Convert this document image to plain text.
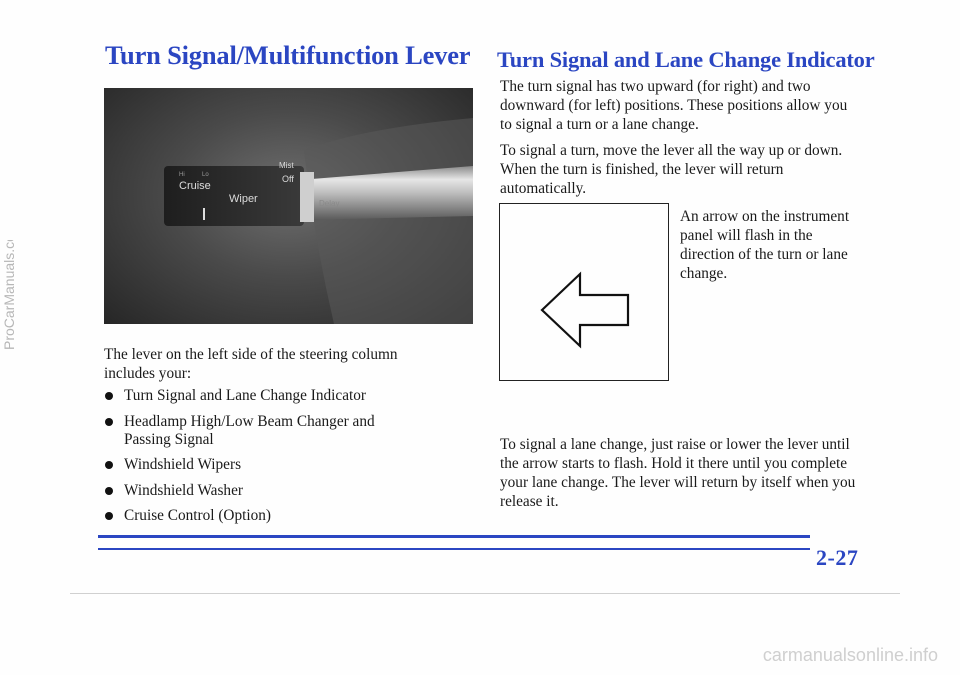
Turn Signal/Multifunction Lever
Cruise
Wiper
Mist
Off
Delay
Hi	Lo
ProCarManuals.com
The lever on the left side of the steering column includes your:
Turn Signal and Lane Change Indicator
Headlamp High/Low Beam Changer and Passing Signal
Windshield Wipers
Windshield Washer
Cruise Control (Option)
Turn Signal and Lane Change Indicator
The turn signal has two upward (for right) and two downward (for left) positions. These positions allow you to signal a turn or a lane change.
To signal a turn, move the lever all the way up or down. When the turn is finished, the lever will return automatically.
An arrow on the instrument panel will flash in the direction of the turn or lane change.
To signal a lane change, just raise or lower the lever until the arrow starts to flash. Hold it there until you complete your lane change. The lever will return by itself when you release it.
2-27
carmanualsonline.info
